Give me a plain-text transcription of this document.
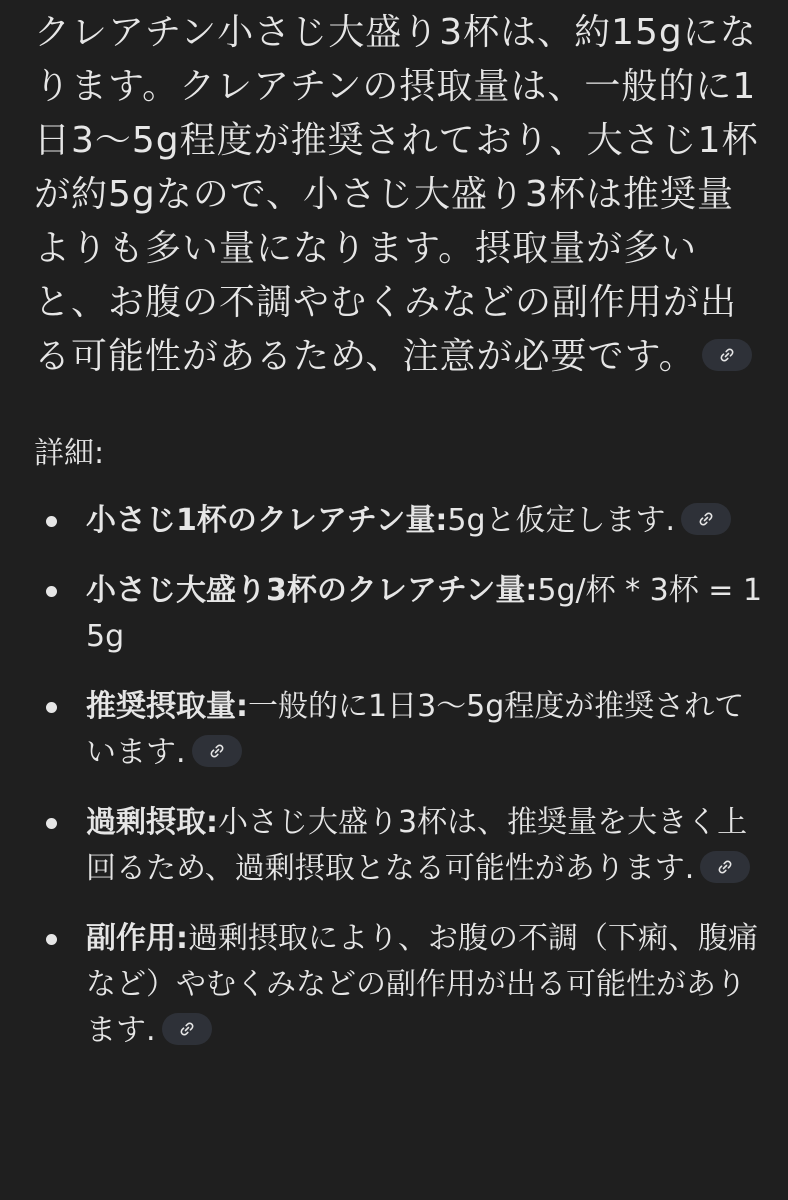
クレアチン小さじ大盛り3杯は、約15gになります。クレアチンの摂取量は、一般的に1日3〜5g程度が推奨されており、大さじ1杯が約5gなので、小さじ大盛り3杯は推奨量よりも多い量になります。摂取量が多いと、お腹の不調やむくみなどの副作用が出る可能性があるため、注意が必要です。

詳細:

小さじ1杯のクレアチン量:5gと仮定します.
小さじ大盛り3杯のクレアチン量:5g/杯 * 3杯 = 15g
推奨摂取量:一般的に1日3〜5g程度が推奨されています.
過剰摂取:小さじ大盛り3杯は、推奨量を大きく上回るため、過剰摂取となる可能性があります.
副作用:過剰摂取により、お腹の不調（下痢、腹痛など）やむくみなどの副作用が出る可能性があります.
